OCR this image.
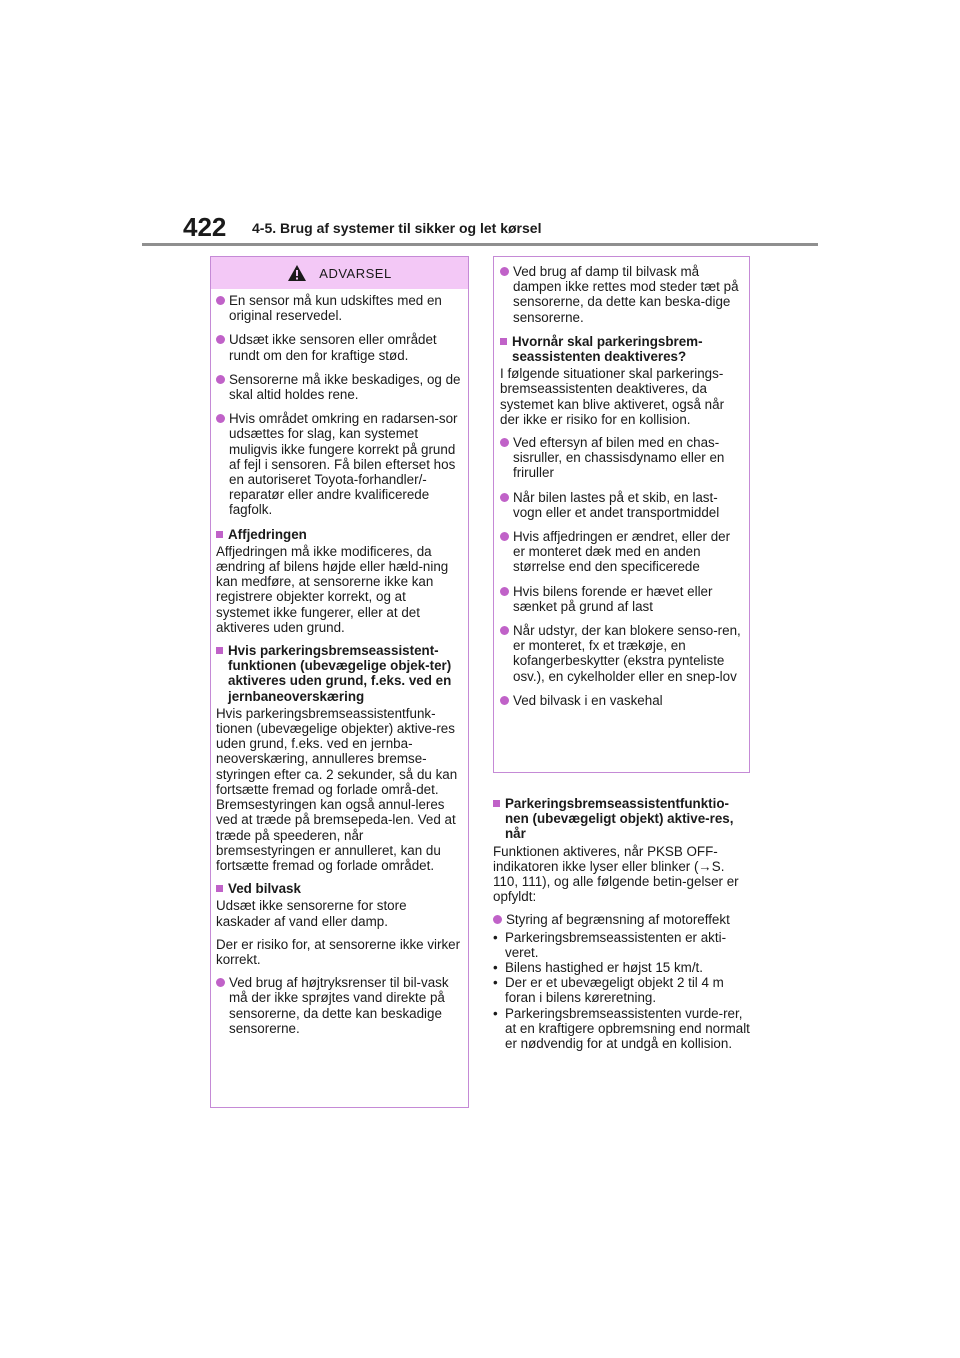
422 4-5. Brug af systemer til sikker og let kørsel
ADVARSEL
En sensor må kun udskiftes med en original reservedel.
Udsæt ikke sensoren eller området rundt om den for kraftige stød.
Sensorerne må ikke beskadiges, og de skal altid holdes rene.
Hvis området omkring en radarsen-sor udsættes for slag, kan systemet muligvis ikke fungere korrekt på grund af fejl i sensoren. Få bilen efterset hos en autoriseret Toyota-forhandler/-reparatør eller andre kvalificerede fagfolk.
Affjedringen

Affjedringen må ikke modificeres, da ændring af bilens højde eller hæld-ning kan medføre, at sensorerne ikke kan registrere objekter korrekt, og at systemet ikke fungerer, eller at det aktiveres uden grund.

Hvis parkeringsbremseassistent-funktionen (ubevægelige objek-ter) aktiveres uden grund, f.eks. ved en jernbaneoverskæring

Hvis parkeringsbremseassistentfunk-tionen (ubevægelige objekter) aktive-res uden grund, f.eks. ved en jernba-neoverskæring, annulleres bremse-styringen efter ca. 2 sekunder, så du kan fortsætte fremad og forlade områ-det. Bremsestyringen kan også annul-leres ved at træde på bremsepeda-len. Ved at træde på speederen, når bremsestyringen er annulleret, kan du fortsætte fremad og forlade området.

Ved bilvask

Udsæt ikke sensorerne for store kaskader af vand eller damp.

Der er risiko for, at sensorerne ikke virker korrekt.

Ved brug af højtryksrenser til bil-vask må der ikke sprøjtes vand direkte på sensorerne, da dette kan beskadige sensorerne.
Ved brug af damp til bilvask må dampen ikke rettes mod steder tæt på sensorerne, da dette kan beska-dige sensorerne.
Hvornår skal parkeringsbrem-seassistenten deaktiveres?

I følgende situationer skal parkerings-bremseassistenten deaktiveres, da systemet kan blive aktiveret, også når der ikke er risiko for en kollision.

Ved eftersyn af bilen med en chas-sisruller, en chassisdynamo eller en friruller
Når bilen lastes på et skib, en last-vogn eller et andet transportmiddel
Hvis affjedringen er ændret, eller der er monteret dæk med en anden størrelse end den specificerede
Hvis bilens forende er hævet eller sænket på grund af last
Når udstyr, der kan blokere senso-ren, er monteret, fx et trækøje, en kofangerbeskytter (ekstra pynteliste osv.), en cykelholder eller en snep-lov
Ved bilvask i en vaskehal
Parkeringsbremseassistentfunktio-nen (ubevægeligt objekt) aktive-res, når

Funktionen aktiveres, når PKSB OFF-indikatoren ikke lyser eller blinker (→S. 110, 111), og alle følgende betin-gelser er opfyldt:

Styring af begrænsning af motoreffekt
• Parkeringsbremseassistenten er akti-veret.
• Bilens hastighed er højst 15 km/t.
• Der er et ubevægeligt objekt 2 til 4 m foran i bilens køreretning.
• Parkeringsbremseassistenten vurde-rer, at en kraftigere opbremsning end normalt er nødvendig for at undgå en kollision.
